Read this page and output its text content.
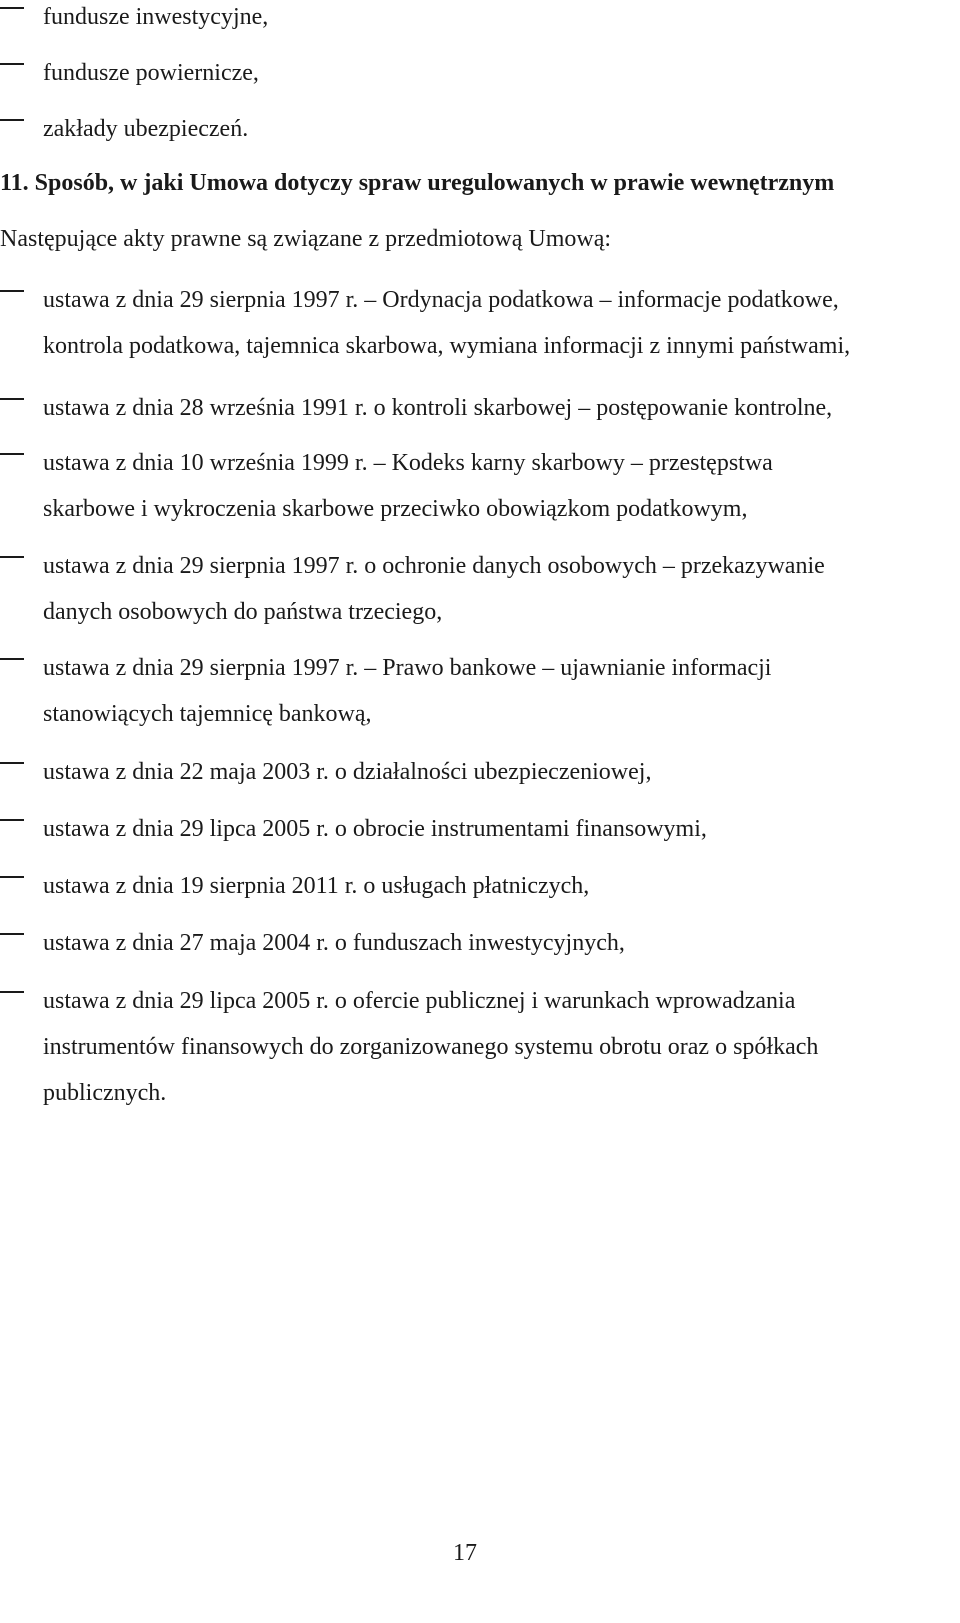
fundusze inwestycyjne,
fundusze powiernicze,
zakłady ubezpieczeń.
11. Sposób, w jaki Umowa dotyczy spraw uregulowanych w prawie wewnętrznym
Następujące akty prawne są związane z przedmiotową Umową:
ustawa z dnia 29 sierpnia 1997 r. – Ordynacja podatkowa – informacje podatkowe,
kontrola podatkowa, tajemnica skarbowa, wymiana informacji z innymi państwami,
ustawa z dnia 28 września 1991 r. o kontroli skarbowej – postępowanie kontrolne,
ustawa z dnia 10 września 1999 r. – Kodeks karny skarbowy – przestępstwa
skarbowe i wykroczenia skarbowe przeciwko obowiązkom podatkowym,
ustawa z dnia 29 sierpnia 1997 r. o ochronie danych osobowych – przekazywanie
danych osobowych do państwa trzeciego,
ustawa z dnia 29 sierpnia 1997 r. – Prawo bankowe – ujawnianie informacji
stanowiących tajemnicę bankową,
ustawa z dnia 22 maja 2003 r. o działalności ubezpieczeniowej,
ustawa z dnia 29 lipca 2005 r. o obrocie instrumentami finansowymi,
ustawa z dnia 19 sierpnia 2011 r. o usługach płatniczych,
ustawa z dnia 27 maja 2004 r. o funduszach inwestycyjnych,
ustawa z dnia 29 lipca 2005 r. o ofercie publicznej i warunkach wprowadzania
instrumentów finansowych do zorganizowanego systemu obrotu oraz o spółkach
publicznych.
17
